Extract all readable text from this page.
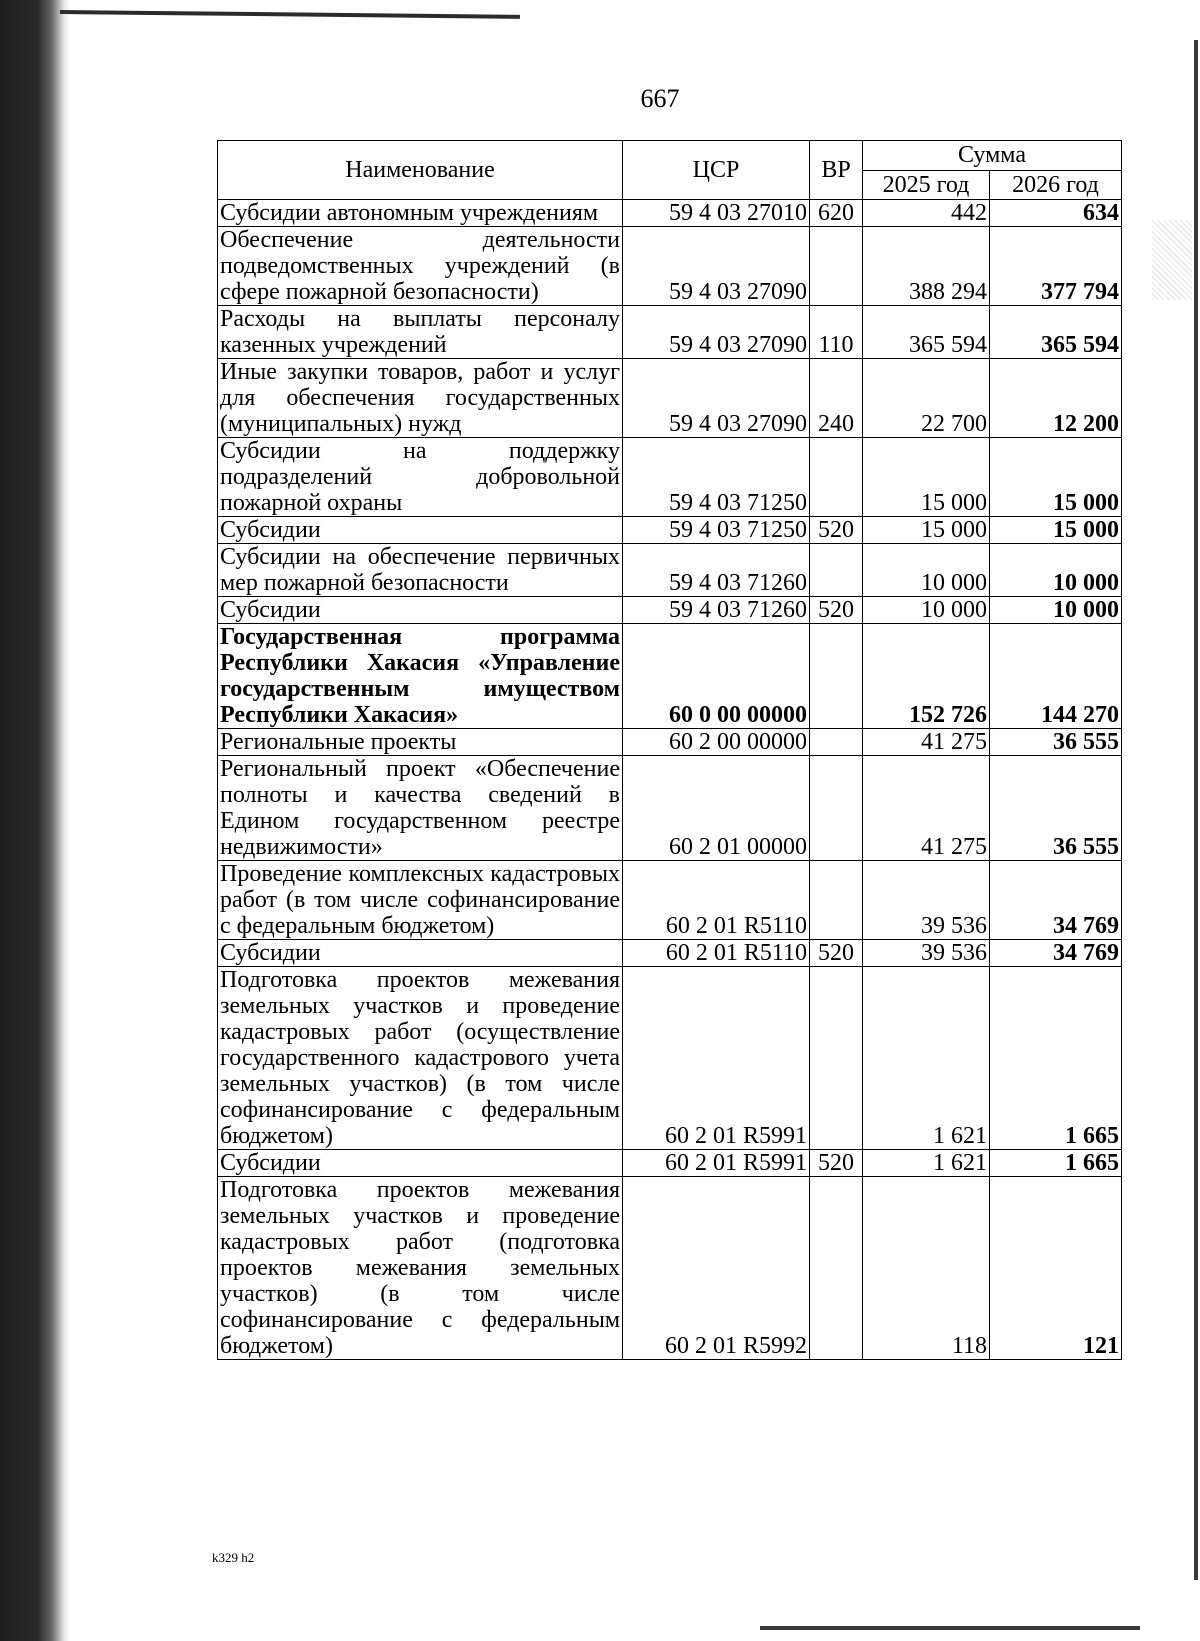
667
Наименование	ЦСР	ВР	Сумма	
			2025 год	2026 год
Субсидии автономным учреждениям	59 4 03 27010	620	442	634
Обеспечение деятельности подведомственных учреждений (в сфере пожарной безопасности)	59 4 03 27090		388 294	377 794
Расходы на выплаты персоналу казенных учреждений	59 4 03 27090	110	365 594	365 594
Иные закупки товаров, работ и услуг для обеспечения государственных (муниципальных) нужд	59 4 03 27090	240	22 700	12 200
Субсидии на поддержку подразделений добровольной пожарной охраны	59 4 03 71250		15 000	15 000
Субсидии	59 4 03 71250	520	15 000	15 000
Субсидии на обеспечение первичных мер пожарной безопасности	59 4 03 71260		10 000	10 000
Субсидии	59 4 03 71260	520	10 000	10 000
Государственная программа Республики Хакасия «Управление государственным имуществом Республики Хакасия»	60 0 00 00000		152 726	144 270
Региональные проекты	60 2 00 00000		41 275	36 555
Региональный проект «Обеспечение полноты и качества сведений в Едином государственном реестре недвижимости»	60 2 01 00000		41 275	36 555
Проведение комплексных кадастровых работ (в том числе софинансирование с федеральным бюджетом)	60 2 01 R5110		39 536	34 769
Субсидии	60 2 01 R5110	520	39 536	34 769
Подготовка проектов межевания земельных участков и проведение кадастровых работ (осуществление государственного кадастрового учета земельных участков) (в том числе софинансирование с федеральным бюджетом)	60 2 01 R5991		1 621	1 665
Субсидии	60 2 01 R5991	520	1 621	1 665
Подготовка проектов межевания земельных участков и проведение кадастровых работ (подготовка проектов межевания земельных участков) (в том числе софинансирование с федеральным бюджетом)	60 2 01 R5992		118	121
k329 h2
